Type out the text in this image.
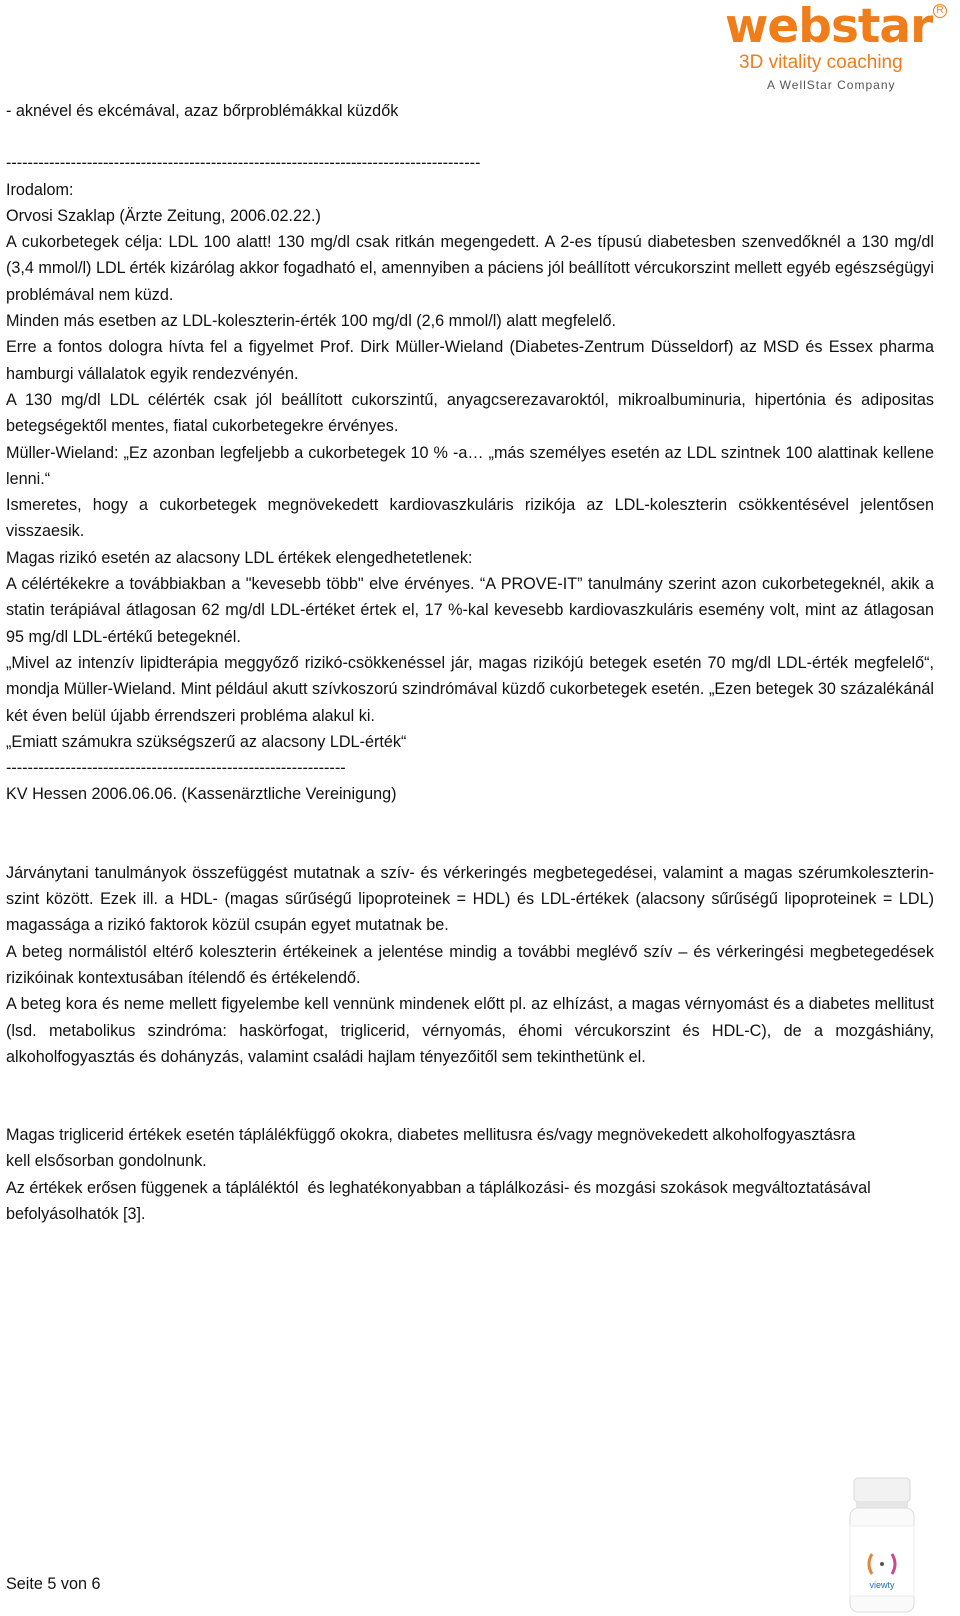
webstar R
3D vitality coaching
A WellStar Company

- aknével és ekcémával, azaz bőrproblémákkal küzdők

----------------------------------------------------------------------------------------

Irodalom:

Orvosi Szaklap (Ärzte Zeitung, 2006.02.22.)

A cukorbetegek célja: LDL 100 alatt! 130 mg/dl csak ritkán megengedett. A 2-es típusú diabetesben szenvedőknél a 130 mg/dl (3,4 mmol/l) LDL érték kizárólag akkor fogadható el, amennyiben a páciens jól beállított vércukorszint mellett egyéb egészségügyi problémával nem küzd.

Minden más esetben az LDL-koleszterin-érték 100 mg/dl (2,6 mmol/l) alatt megfelelő.

Erre a fontos dologra hívta fel a figyelmet Prof. Dirk Müller-Wieland (Diabetes-Zentrum Düsseldorf) az MSD és Essex pharma hamburgi vállalatok egyik rendezvényén.

A 130 mg/dl LDL célérték csak jól beállított cukorszintű, anyagcserezavaroktól, mikroalbuminuria, hipertónia és adipositas betegségektől mentes, fiatal cukorbetegekre érvényes.

Müller-Wieland: „Ez azonban legfeljebb a cukorbetegek 10 % -a… „más személyes esetén az LDL szintnek 100 alattinak kellene lenni.“

Ismeretes, hogy a cukorbetegek megnövekedett kardiovaszkuláris rizikója az LDL-koleszterin csökkentésével jelentősen visszaesik.

Magas rizikó esetén az alacsony LDL értékek elengedhetetlenek:

A célértékekre a továbbiakban a "kevesebb több" elve érvényes. “A PROVE-IT” tanulmány szerint azon cukorbetegeknél, akik a statin terápiával átlagosan 62 mg/dl LDL-értéket értek el, 17 %-kal kevesebb kardiovaszkuláris esemény volt, mint az átlagosan 95 mg/dl LDL-értékű betegeknél.

„Mivel az intenzív lipidterápia meggyőző rizikó-csökkenéssel jár, magas rizikójú betegek esetén 70 mg/dl LDL-érték megfelelő“, mondja Müller-Wieland. Mint például akutt szívkoszorú szindrómával küzdő cukorbetegek esetén. „Ezen betegek 30 százalékánál két éven belül újabb érrendszeri probléma alakul ki.

„Emiatt számukra szükségszerű az alacsony LDL-érték“

---------------------------------------------------------------

KV Hessen 2006.06.06. (Kassenärztliche Vereinigung)

Járványtani tanulmányok összefüggést mutatnak a szív- és vérkeringés megbetegedései, valamint a magas szérumkoleszterin-szint között. Ezek ill. a HDL- (magas sűrűségű lipoproteinek = HDL) és LDL-értékek (alacsony sűrűségű lipoproteinek = LDL) magassága a rizikó faktorok közül csupán egyet mutatnak be.

A beteg normálistól eltérő koleszterin értékeinek a jelentése mindig a további meglévő szív – és vérkeringési megbetegedések rizikóinak kontextusában ítélendő és értékelendő.

A beteg kora és neme mellett figyelembe kell vennünk mindenek előtt pl. az elhízást, a magas vérnyomást és a diabetes mellitust (lsd. metabolikus szindróma: haskörfogat, triglicerid, vérnyomás, éhomi vércukorszint és HDL-C), de a mozgáshiány, alkoholfogyasztás és dohányzás, valamint családi hajlam tényezőitől sem tekinthetünk el.

Magas triglicerid értékek esetén táplálékfüggő okokra, diabetes mellitusra és/vagy megnövekedett alkoholfogyasztásra kell elsősorban gondolnunk.

Az értékek erősen függenek a tápláléktól  és leghatékonyabban a táplálkozási- és mozgási szokások megváltoztatásával befolyásolhatók [3].

viewty
Seite 5 von 6
